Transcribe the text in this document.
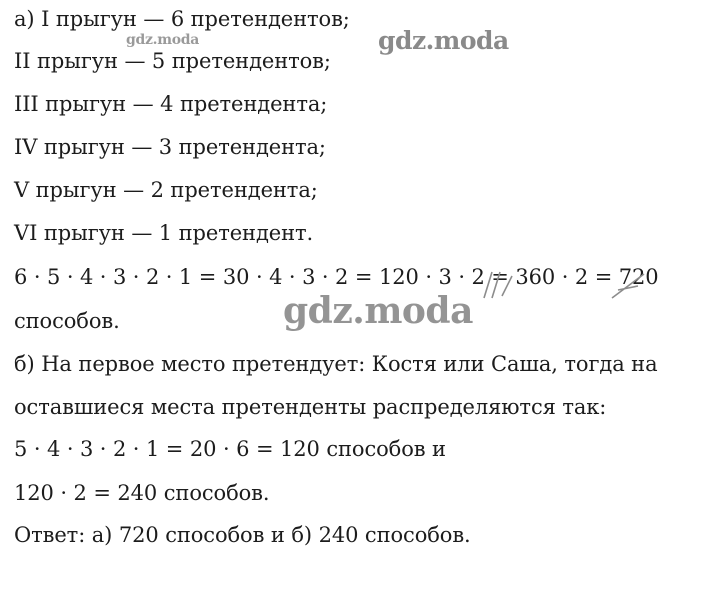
а) I прыгун — 6 претендентов;
II прыгун — 5 претендентов;
III прыгун — 4 претендента;
IV прыгун — 3 претендента;
V прыгун — 2 претендента;
VI прыгун — 1 претендент.
6 · 5 · 4 · 3 · 2 · 1 = 30 · 4 · 3 · 2 = 120 · 3 · 2 = 360 · 2 = 720
способов.
б) На первое место претендует: Костя или Саша, тогда на
оставшиеся места претенденты распределяются так:
5 · 4 · 3 · 2 · 1 = 20 · 6 = 120 способов и
120 · 2 = 240 способов.
Ответ: а) 720 способов и б) 240 способов.
gdz.moda	gdz.moda
gdz.moda
